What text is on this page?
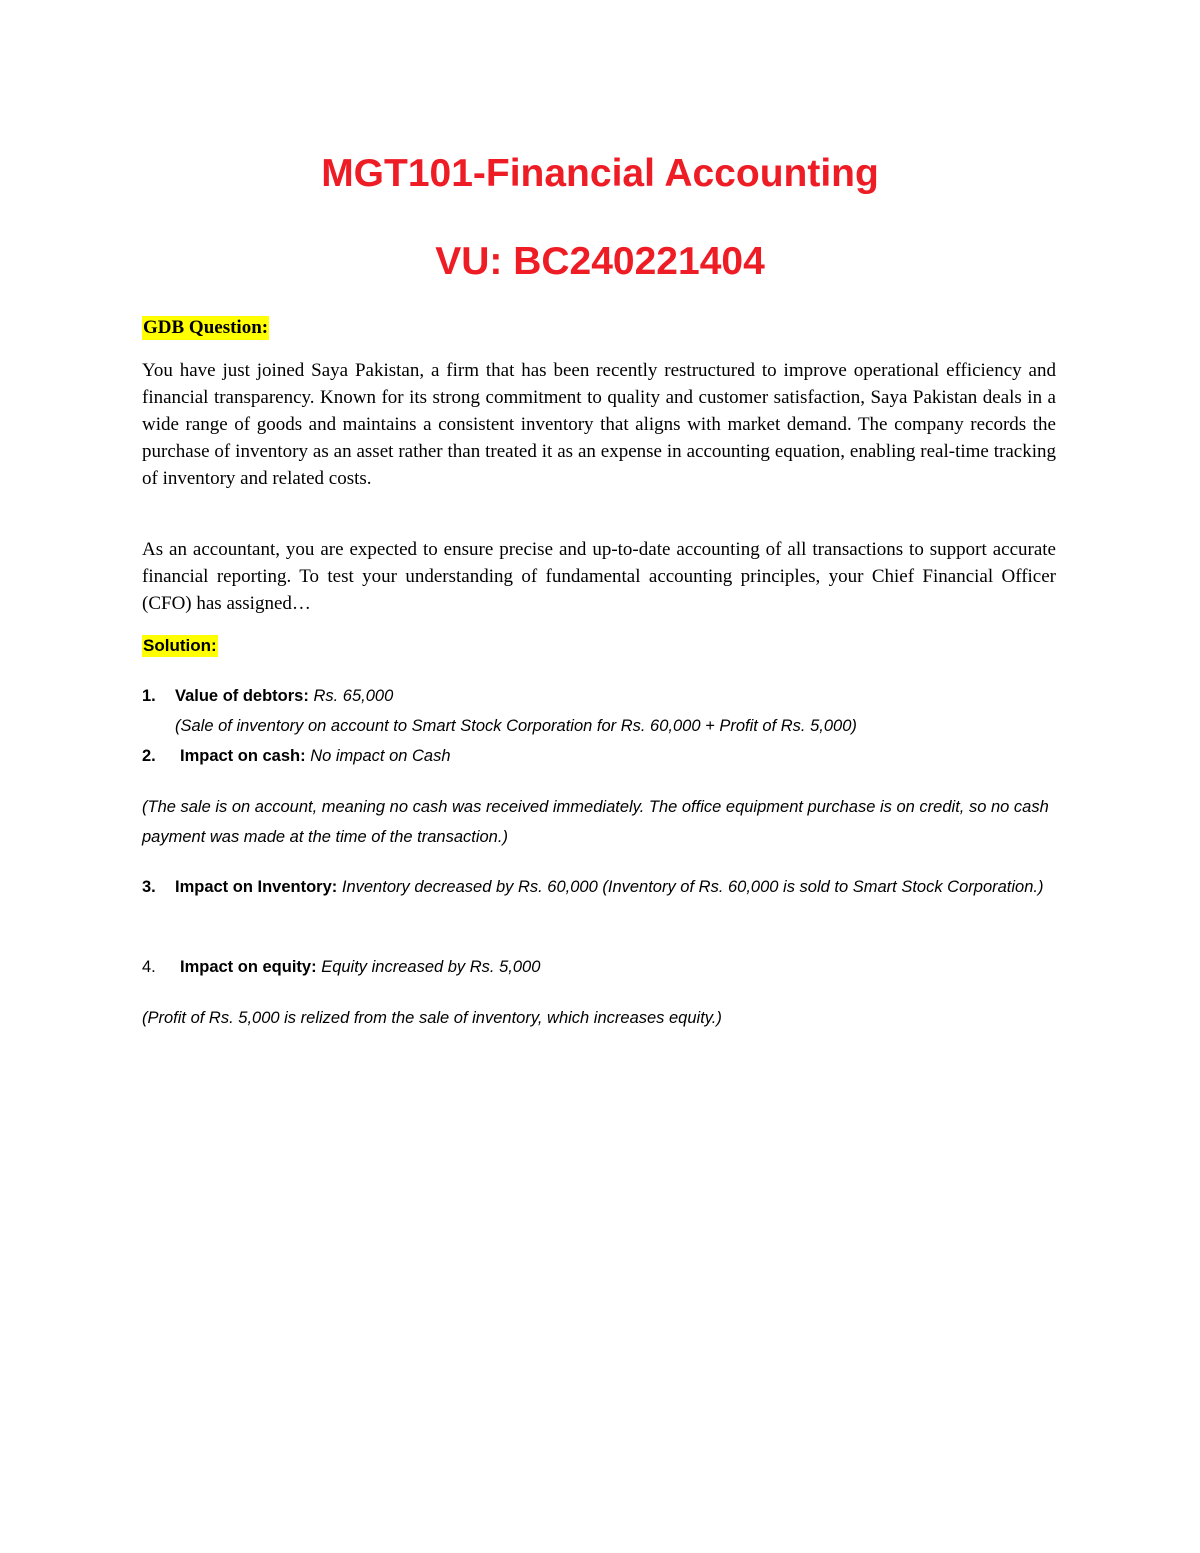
MGT101-Financial Accounting
VU: BC240221404
GDB Question:

You have just joined Saya Pakistan, a firm that has been recently restructured to improve operational efficiency and financial transparency. Known for its strong commitment to quality and customer satisfaction, Saya Pakistan deals in a wide range of goods and maintains a consistent inventory that aligns with market demand. The company records the purchase of inventory as an asset rather than treated it as an expense in accounting equation, enabling real-time tracking of inventory and related costs.

As an accountant, you are expected to ensure precise and up-to-date accounting of all transactions to support accurate financial reporting. To test your understanding of fundamental accounting principles, your Chief Financial Officer (CFO) has assigned…

Solution:
1. Value of debtors: Rs. 65,000
(Sale of inventory on account to Smart Stock Corporation for Rs. 60,000 + Profit of Rs. 5,000)
2. Impact on cash: No impact on Cash
(The sale is on account, meaning no cash was received immediately. The office equipment purchase is on credit, so no cash payment was made at the time of the transaction.)
3. Impact on Inventory: Inventory decreased by Rs. 60,000 (Inventory of Rs. 60,000 is sold to Smart Stock Corporation.)
4. Impact on equity: Equity increased by Rs. 5,000
(Profit of Rs. 5,000 is relized from the sale of inventory, which increases equity.)
